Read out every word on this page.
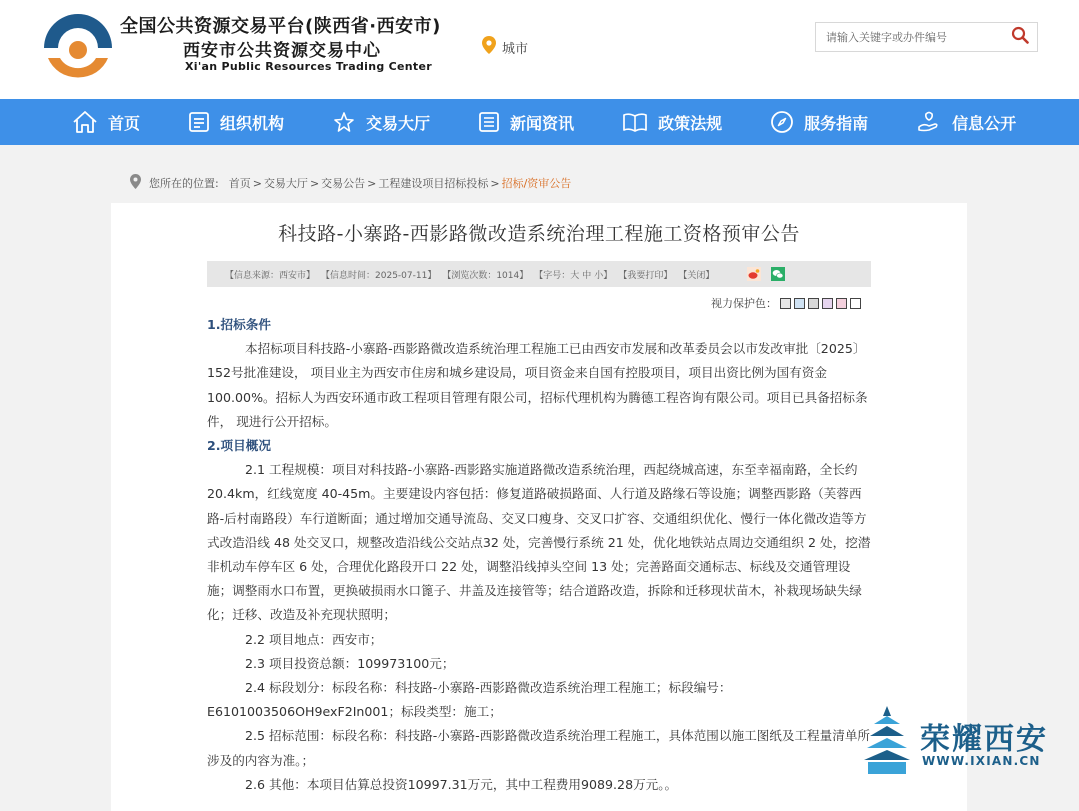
全国公共资源交易平台(陕西省·西安市)
西安市公共资源交易中心
Xi'an Public Resources Trading Center
城市
请输入关键字或办件编号
首页	组织机构	交易大厅	新闻资讯	政策法规	服务指南	信息公开
您所在的位置: 首页 > 交易大厅 > 交易公告 > 工程建设项目招标投标 > 招标/资审公告
科技路-小寨路-西影路微改造系统治理工程施工资格预审公告
【信息来源：西安市】 【信息时间：2025-07-11】 【浏览次数：1014】 【字号：大 中 小】 【我要打印】 【关闭】
视力保护色：
1.招标条件
本招标项目科技路-小寨路-西影路微改造系统治理工程施工已由西安市发展和改革委员会以市发改审批〔2025〕152号批准建设， 项目业主为西安市住房和城乡建设局，项目资金来自国有控股项目，项目出资比例为国有资金100.00%。招标人为西安环通市政工程项目管理有限公司，招标代理机构为腾德工程咨询有限公司。项目已具备招标条件， 现进行公开招标。
2.项目概况
2.1 工程规模：项目对科技路-小寨路-西影路实施道路微改造系统治理，西起绕城高速，东至幸福南路，全长约 20.4km，红线宽度 40-45m。主要建设内容包括：修复道路破损路面、人行道及路缘石等设施；调整西影路（芙蓉西路-后村南路段）车行道断面；通过增加交通导流岛、交叉口瘦身、交叉口扩容、交通组织优化、慢行一体化微改造等方式改造沿线 48 处交叉口，规整改造沿线公交站点32 处，完善慢行系统 21 处，优化地铁站点周边交通组织 2 处，挖潜非机动车停车区 6 处，合理优化路段开口 22 处，调整沿线掉头空间 13 处；完善路面交通标志、标线及交通管理设施；调整雨水口布置，更换破损雨水口篦子、井盖及连接管等；结合道路改造，拆除和迁移现状苗木，补栽现场缺失绿化；迁移、改造及补充现状照明；
2.2 项目地点：西安市；
2.3 项目投资总额：109973100元；
2.4 标段划分：标段名称：科技路-小寨路-西影路微改造系统治理工程施工；标段编号：E6101003506OH9exF2In001；标段类型：施工；
2.5 招标范围：标段名称：科技路-小寨路-西影路微改造系统治理工程施工，具体范围以施工图纸及工程量清单所涉及的内容为准。；
2.6 其他：本项目估算总投资10997.31万元，其中工程费用9089.28万元。。
荣耀西安
WWW.IXIAN.CN
